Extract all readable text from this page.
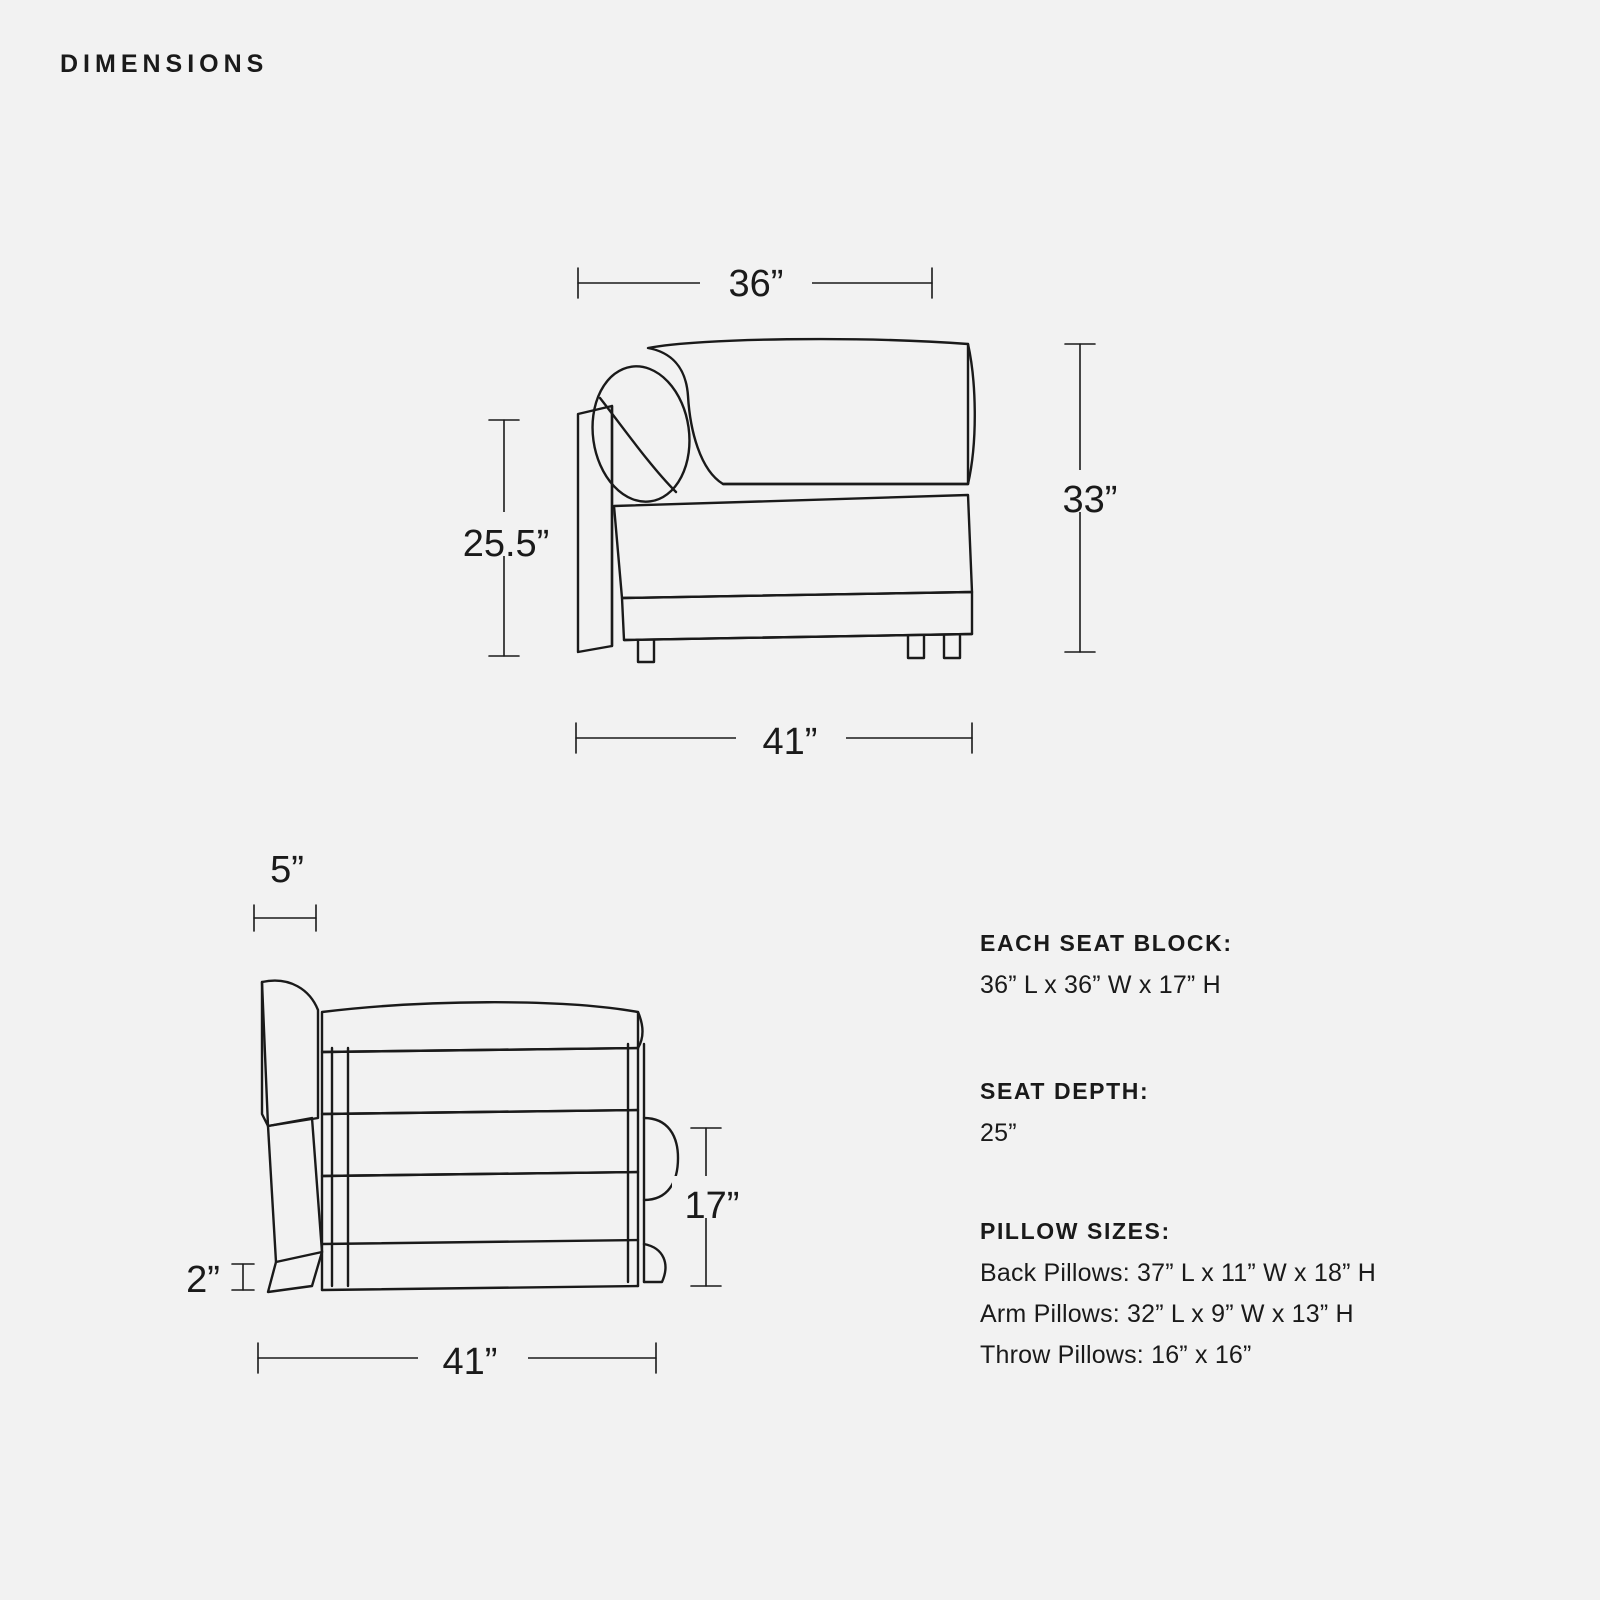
DIMENSIONS
36”
33”
25.5”
41”
5”
17”
2”
41”
EACH SEAT BLOCK:
36” L x 36” W x 17” H
SEAT DEPTH:
25”
PILLOW SIZES:
Back Pillows: 37” L x 11” W x 18” H
Arm Pillows: 32” L x 9” W x 13” H
Throw Pillows: 16” x 16”
